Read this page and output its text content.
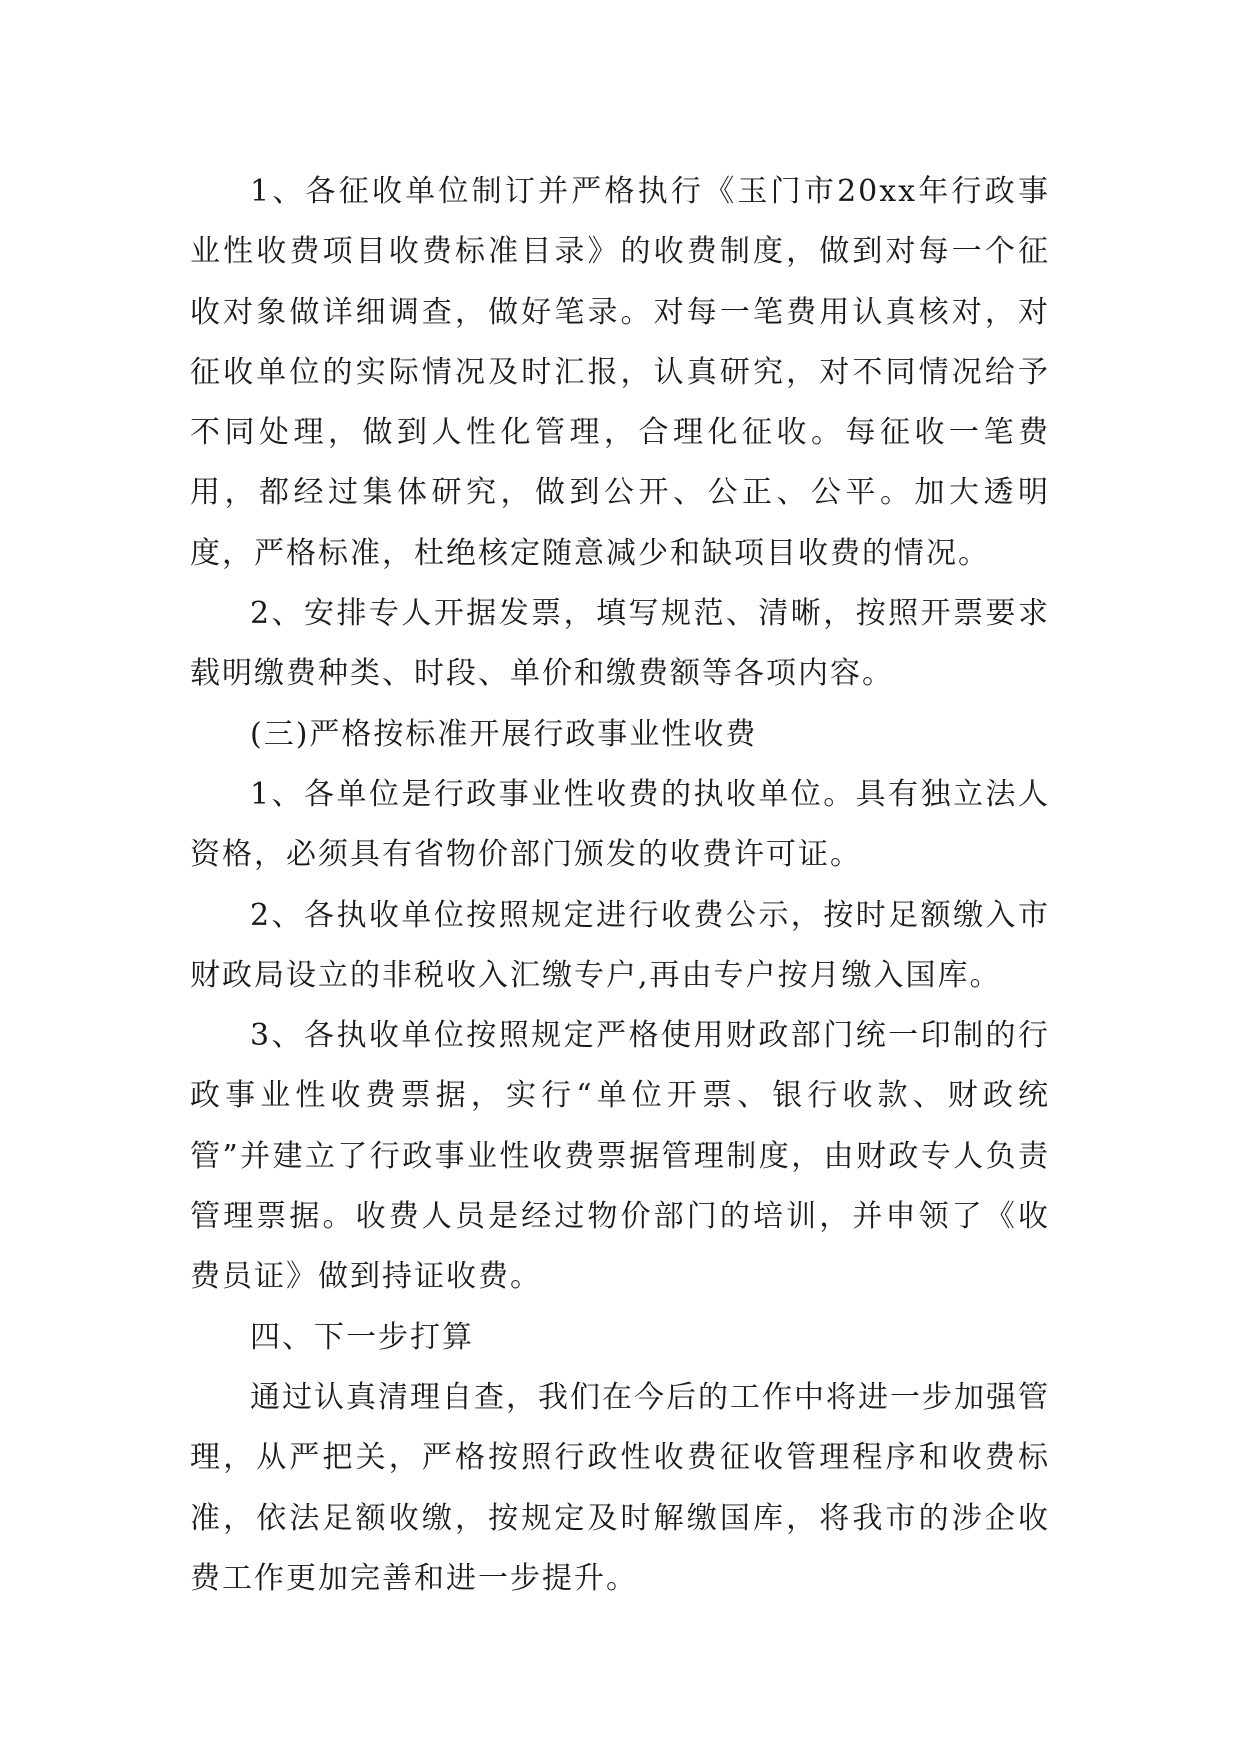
1、各征收单位制订并严格执行《玉门市20xx年行政事业性收费项目收费标准目录》的收费制度，做到对每一个征收对象做详细调查，做好笔录。对每一笔费用认真核对，对征收单位的实际情况及时汇报，认真研究，对不同情况给予不同处理，做到人性化管理，合理化征收。每征收一笔费用，都经过集体研究，做到公开、公正、公平。加大透明度，严格标准，杜绝核定随意减少和缺项目收费的情况。

2、安排专人开据发票，填写规范、清晰，按照开票要求载明缴费种类、时段、单价和缴费额等各项内容。

(三)严格按标准开展行政事业性收费

1、各单位是行政事业性收费的执收单位。具有独立法人资格，必须具有省物价部门颁发的收费许可证。

2、各执收单位按照规定进行收费公示，按时足额缴入市财政局设立的非税收入汇缴专户,再由专户按月缴入国库。

3、各执收单位按照规定严格使用财政部门统一印制的行政事业性收费票据，实行“单位开票、银行收款、财政统管”并建立了行政事业性收费票据管理制度，由财政专人负责管理票据。收费人员是经过物价部门的培训，并申领了《收费员证》做到持证收费。

四、下一步打算

通过认真清理自查，我们在今后的工作中将进一步加强管理，从严把关，严格按照行政性收费征收管理程序和收费标准，依法足额收缴，按规定及时解缴国库，将我市的涉企收费工作更加完善和进一步提升。
